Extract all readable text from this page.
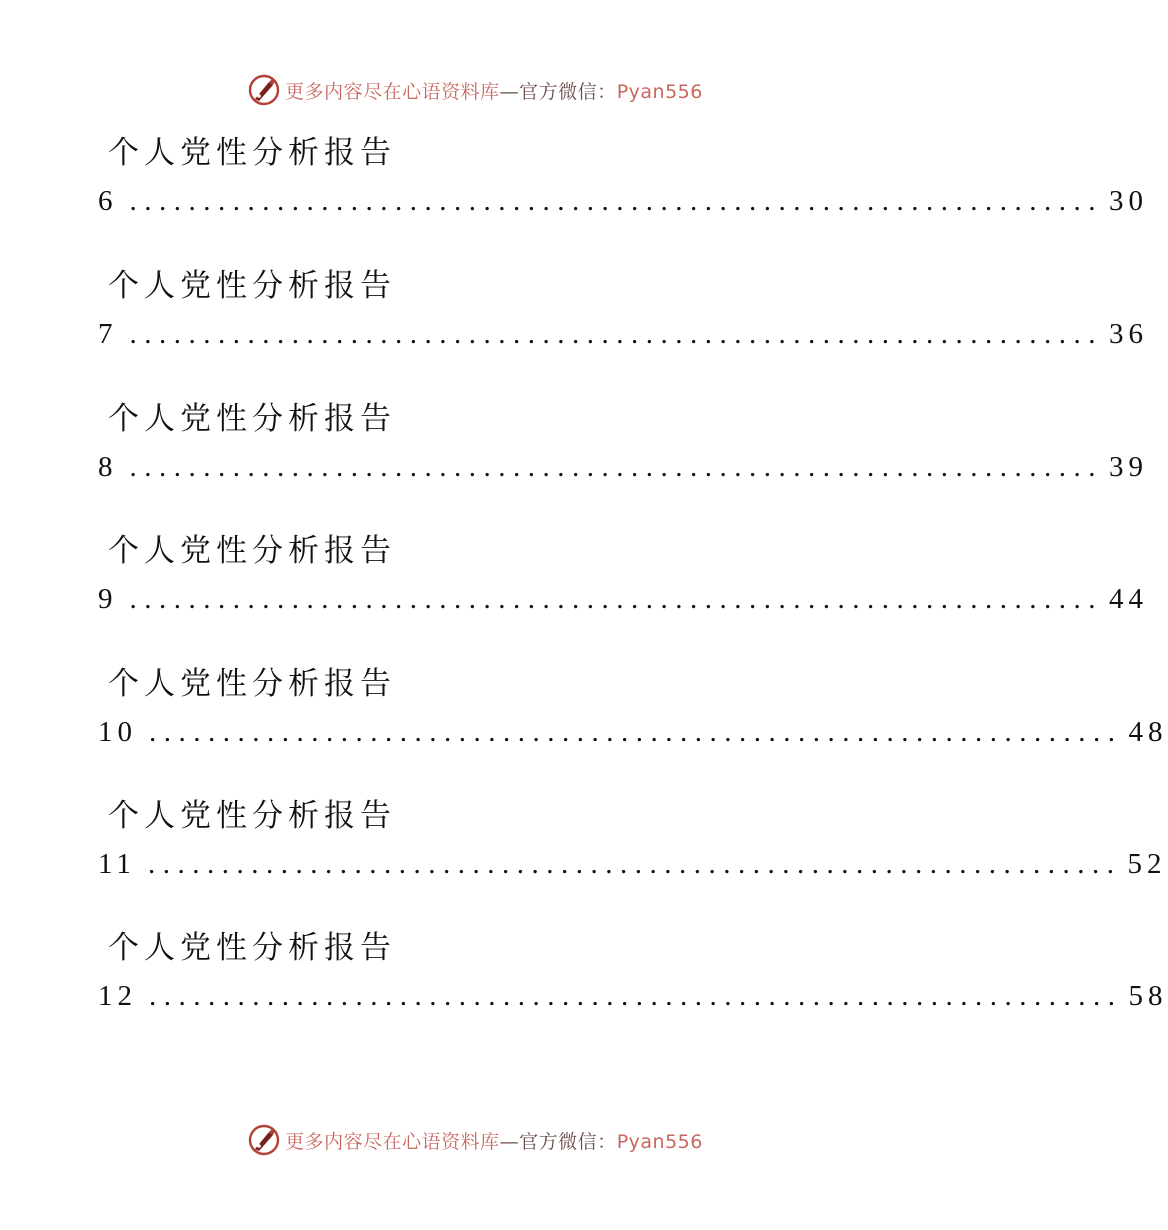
更多内容尽在心语资料库—官方微信：Pyan556
个人党性分析报告
6 .................................................................. 30
个人党性分析报告
7 .................................................................. 36
个人党性分析报告
8 .................................................................. 39
个人党性分析报告
9 .................................................................. 44
个人党性分析报告
10 .................................................................. 48
个人党性分析报告
11 .................................................................. 52
个人党性分析报告
12 .................................................................. 58
更多内容尽在心语资料库—官方微信：Pyan556
